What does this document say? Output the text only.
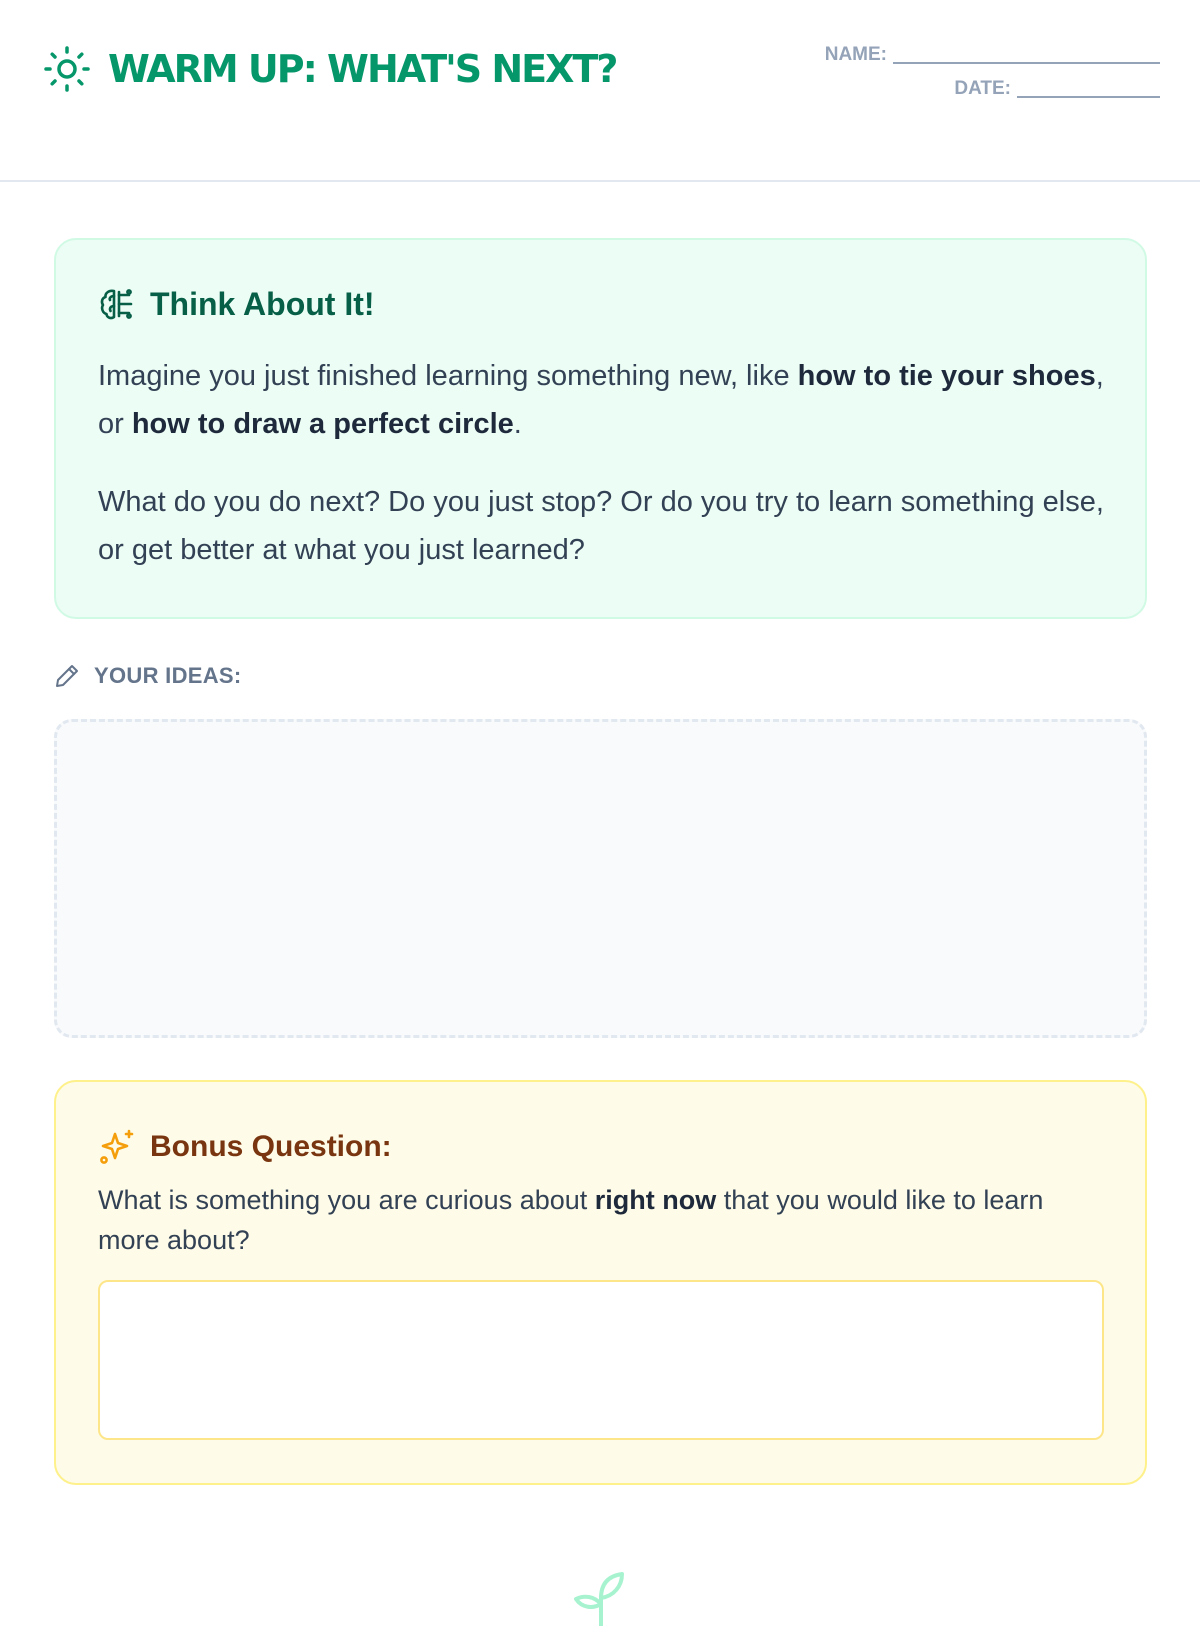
WARM UP: WHAT'S NEXT?	NAME:
DATE:
Think About It!

Imagine you just finished learning something new, like how to tie your shoes, or how to draw a perfect circle.

What do you do next? Do you just stop? Or do you try to learn something else, or get better at what you just learned?

YOUR IDEAS:
Bonus Question:

What is something you are curious about right now that you would like to learn more about?
